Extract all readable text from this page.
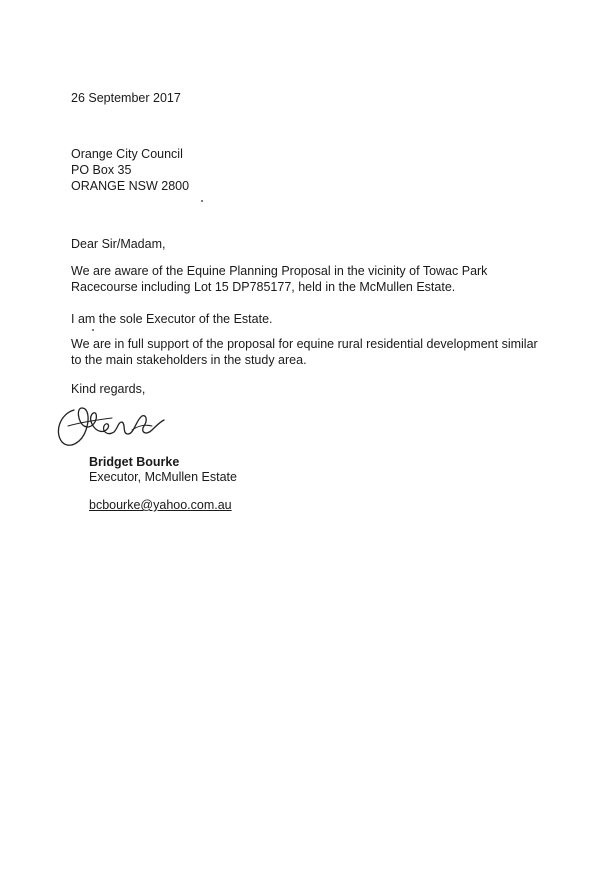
26 September 2017
Orange City Council
PO Box 35
ORANGE NSW 2800
Dear Sir/Madam,
We are aware of the Equine Planning Proposal in the vicinity of Towac Park Racecourse including Lot 15 DP785177, held in the McMullen Estate.
I am the sole Executor of the Estate.
We are in full support of the proposal for equine rural residential development similar to the main stakeholders in the study area.
Kind regards,
Bridget Bourke
Executor, McMullen Estate
bcbourke@yahoo.com.au
